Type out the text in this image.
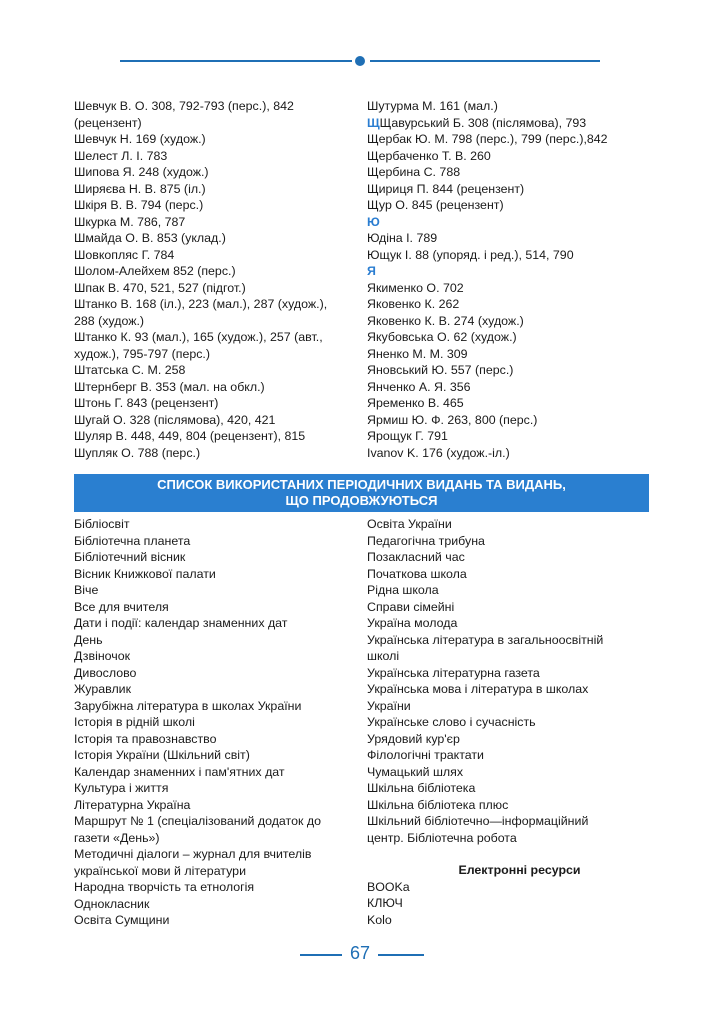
Шевчук В. О. 308, 792-793 (перс.), 842
(рецензент)
Шевчук Н. 169 (худож.)
Шелест Л. І. 783
Шипова Я. 248 (худож.)
Ширяєва Н. В. 875 (іл.)
Шкіря В. В. 794 (перс.)
Шкурка М. 786, 787
Шмайда О. В. 853 (уклад.)
Шовкопляс Г. 784
Шолом-Алейхем 852 (перс.)
Шпак В. 470, 521, 527 (підгот.)
Штанко В. 168 (іл.), 223 (мал.), 287 (худож.),
288 (худож.)
Штанко К. 93 (мал.), 165 (худож.), 257 (авт.,
худож.), 795-797 (перс.)
Штатська С. М. 258
Штернберг В. 353 (мал. на обкл.)
Штонь Г. 843 (рецензент)
Шугай О. 328 (післямова), 420, 421
Шуляр В. 448, 449, 804 (рецензент), 815
Шупляк О. 788 (перс.)
Шутурма М. 161 (мал.)
ЩЩавурський Б. 308 (післямова), 793
Щербак Ю. М. 798 (перс.), 799 (перс.),842
Щербаченко Т. В. 260
Щербина С. 788
Щириця П. 844 (рецензент)
Щур О. 845 (рецензент)
Ю
Юдіна І. 789
Ющук І. 88 (упоряд. і ред.), 514, 790
Я
Якименко О. 702
Яковенко К. 262
Яковенко К. В. 274 (худож.)
Якубовська О. 62 (худож.)
Яненко М. М. 309
Яновський Ю. 557 (перс.)
Янченко А. Я. 356
Яременко В. 465
Ярмиш Ю. Ф. 263, 800 (перс.)
Ярощук Г. 791
Ivanov K. 176 (худож.-іл.)
СПИСОК ВИКОРИСТАНИХ ПЕРІОДИЧНИХ ВИДАНЬ ТА ВИДАНЬ,
ЩО ПРОДОВЖУЮТЬСЯ
Бібліосвіт
Бібліотечна планета
Бібліотечний вісник
Вісник Книжкової палати
Віче
Все для вчителя
Дати і події: календар знаменних дат
День
Дзвіночок
Дивослово
Журавлик
Зарубіжна література в школах України
Історія в рідній школі
Історія та правознавство
Історія України (Шкільний світ)
Календар знаменних і пам'ятних дат
Культура і життя
Літературна Україна
Маршрут № 1 (спеціалізований додаток до
газети «День»)
Методичні діалоги – журнал для вчителів
української мови й літератури
Народна творчість та етнологія
Однокласник
Освіта Сумщини
Освіта України
Педагогічна трибуна
Позакласний час
Початкова школа
Рідна школа
Справи сімейні
Україна молода
Українська література в загальноосвітній
школі
Українська літературна газета
Українська мова і література в школах
України
Українське слово і сучасність
Урядовий кур'єр
Філологічні трактати
Чумацький шлях
Шкільна бібліотека
Шкільна бібліотека плюс
Шкільний бібліотечно—інформаційний
центр. Бібліотечна робота
Електронні ресурси
BOOKa
КЛЮЧ
Kolo
67
